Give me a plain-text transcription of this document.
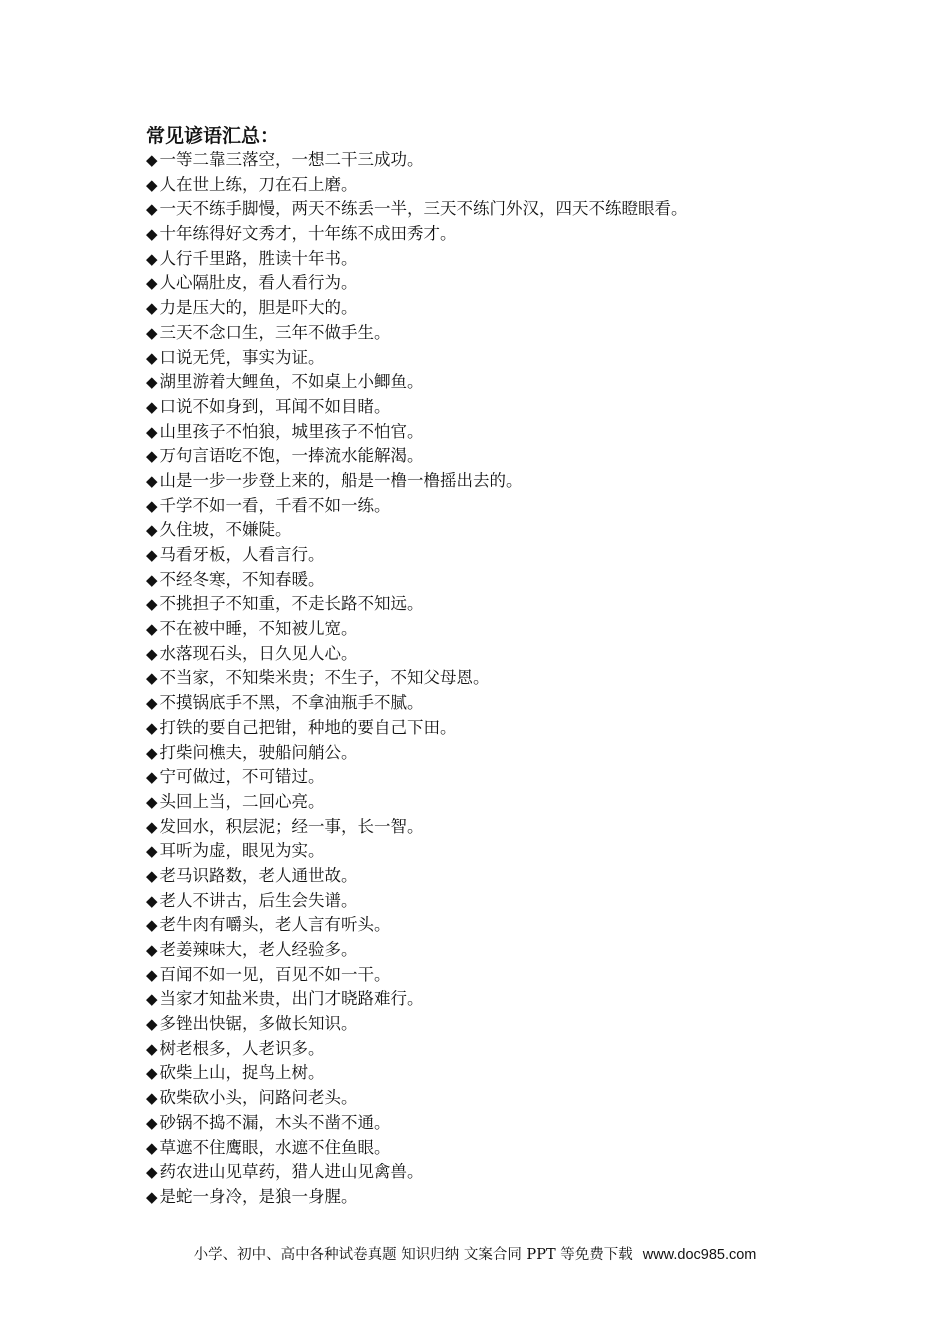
常见谚语汇总：
◆ 一等二靠三落空，一想二干三成功。
◆ 人在世上练，刀在石上磨。
◆ 一天不练手脚慢，两天不练丢一半，三天不练门外汉，四天不练瞪眼看。
◆ 十年练得好文秀才，十年练不成田秀才。
◆ 人行千里路，胜读十年书。
◆ 人心隔肚皮，看人看行为。
◆ 力是压大的，胆是吓大的。
◆ 三天不念口生，三年不做手生。
◆ 口说无凭，事实为证。
◆ 湖里游着大鲤鱼，不如桌上小鲫鱼。
◆ 口说不如身到，耳闻不如目睹。
◆ 山里孩子不怕狼，城里孩子不怕官。
◆ 万句言语吃不饱，一捧流水能解渴。
◆ 山是一步一步登上来的，船是一橹一橹摇出去的。
◆ 千学不如一看，千看不如一练。
◆ 久住坡，不嫌陡。
◆ 马看牙板，人看言行。
◆ 不经冬寒，不知春暖。
◆ 不挑担子不知重，不走长路不知远。
◆ 不在被中睡，不知被儿宽。
◆ 水落现石头，日久见人心。
◆ 不当家，不知柴米贵；不生子，不知父母恩。
◆ 不摸锅底手不黑，不拿油瓶手不腻。
◆ 打铁的要自己把钳，种地的要自己下田。
◆ 打柴问樵夫，驶船问艄公。
◆ 宁可做过，不可错过。
◆ 头回上当，二回心亮。
◆ 发回水，积层泥；经一事，长一智。
◆ 耳听为虚，眼见为实。
◆ 老马识路数，老人通世故。
◆ 老人不讲古，后生会失谱。
◆ 老牛肉有嚼头，老人言有听头。
◆ 老姜辣味大，老人经验多。
◆ 百闻不如一见，百见不如一干。
◆ 当家才知盐米贵，出门才晓路难行。
◆ 多锉出快锯，多做长知识。
◆ 树老根多，人老识多。
◆ 砍柴上山，捉鸟上树。
◆ 砍柴砍小头，问路问老头。
◆ 砂锅不捣不漏，木头不凿不通。
◆ 草遮不住鹰眼，水遮不住鱼眼。
◆ 药农进山见草药，猎人进山见禽兽。
◆ 是蛇一身冷，是狼一身腥。
小学、初中、高中各种试卷真题 知识归纳 文案合同 PPT 等免费下载 www.doc985.com
